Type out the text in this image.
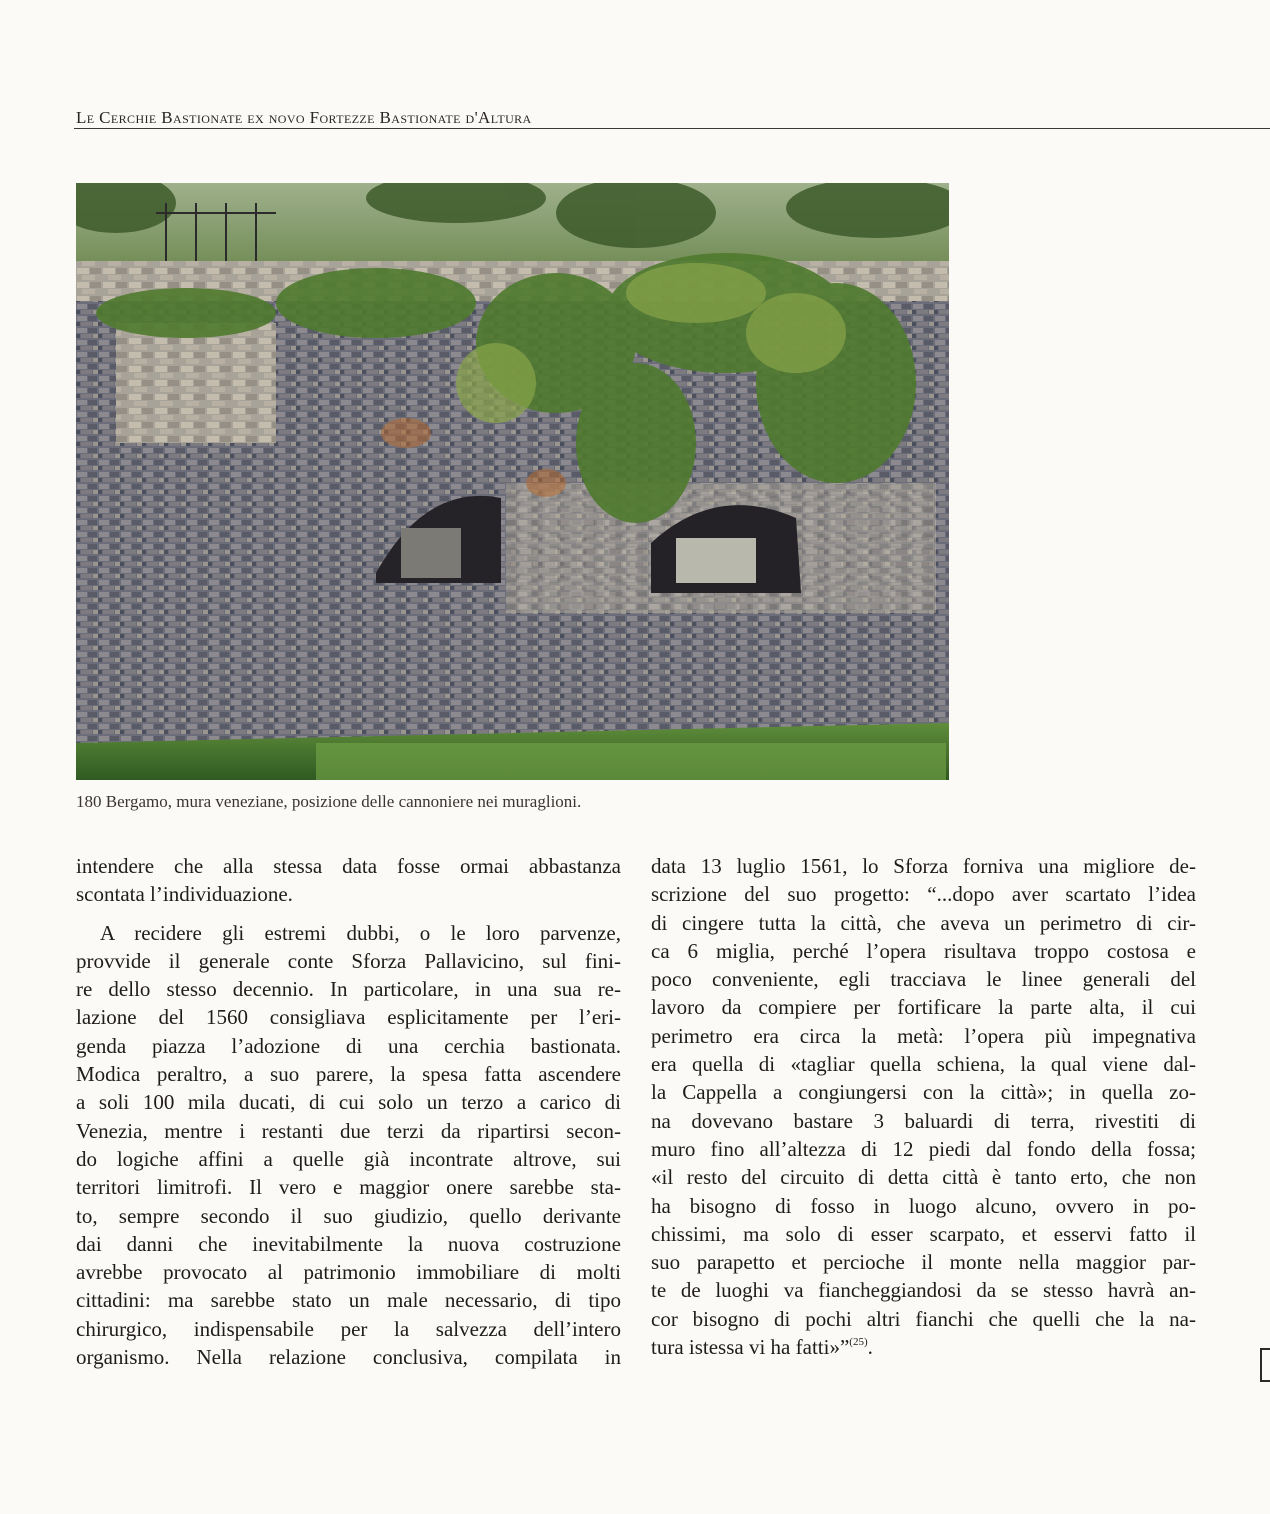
Le Cerchie Bastionate ex novo Fortezze Bastionate d'Altura
180 Bergamo, mura veneziane, posizione delle cannoniere nei muraglioni.

intendere che alla stessa data fosse ormai abbastanza
scontata l’individuazione.

A recidere gli estremi dubbi, o le loro parvenze,
provvide il generale conte Sforza Pallavicino, sul fini-
re dello stesso decennio. In particolare, in una sua re-
lazione del 1560 consigliava esplicitamente per l’eri-
genda piazza l’adozione di una cerchia bastionata.
Modica peraltro, a suo parere, la spesa fatta ascendere
a soli 100 mila ducati, di cui solo un terzo a carico di
Venezia, mentre i restanti due terzi da ripartirsi secon-
do logiche affini a quelle già incontrate altrove, sui
territori limitrofi. Il vero e maggior onere sarebbe sta-
to, sempre secondo il suo giudizio, quello derivante
dai danni che inevitabilmente la nuova costruzione
avrebbe provocato al patrimonio immobiliare di molti
cittadini: ma sarebbe stato un male necessario, di tipo
chirurgico, indispensabile per la salvezza dell’intero
organismo. Nella relazione conclusiva, compilata in

data 13 luglio 1561, lo Sforza forniva una migliore de-
scrizione del suo progetto: “...dopo aver scartato l’idea
di cingere tutta la città, che aveva un perimetro di cir-
ca 6 miglia, perché l’opera risultava troppo costosa e
poco conveniente, egli tracciava le linee generali del
lavoro da compiere per fortificare la parte alta, il cui
perimetro era circa la metà: l’opera più impegnativa
era quella di «tagliar quella schiena, la qual viene dal-
la Cappella a congiungersi con la città»; in quella zo-
na dovevano bastare 3 baluardi di terra, rivestiti di
muro fino all’altezza di 12 piedi dal fondo della fossa;
«il resto del circuito di detta città è tanto erto, che non
ha bisogno di fosso in luogo alcuno, ovvero in po-
chissimi, ma solo di esser scarpato, et esservi fatto il
suo parapetto et percioche il monte nella maggior par-
te de luoghi va fiancheggiandosi da se stesso havrà an-
cor bisogno di pochi altri fianchi che quelli che la na-
tura istessa vi ha fatti»”$^{(25)}$.
